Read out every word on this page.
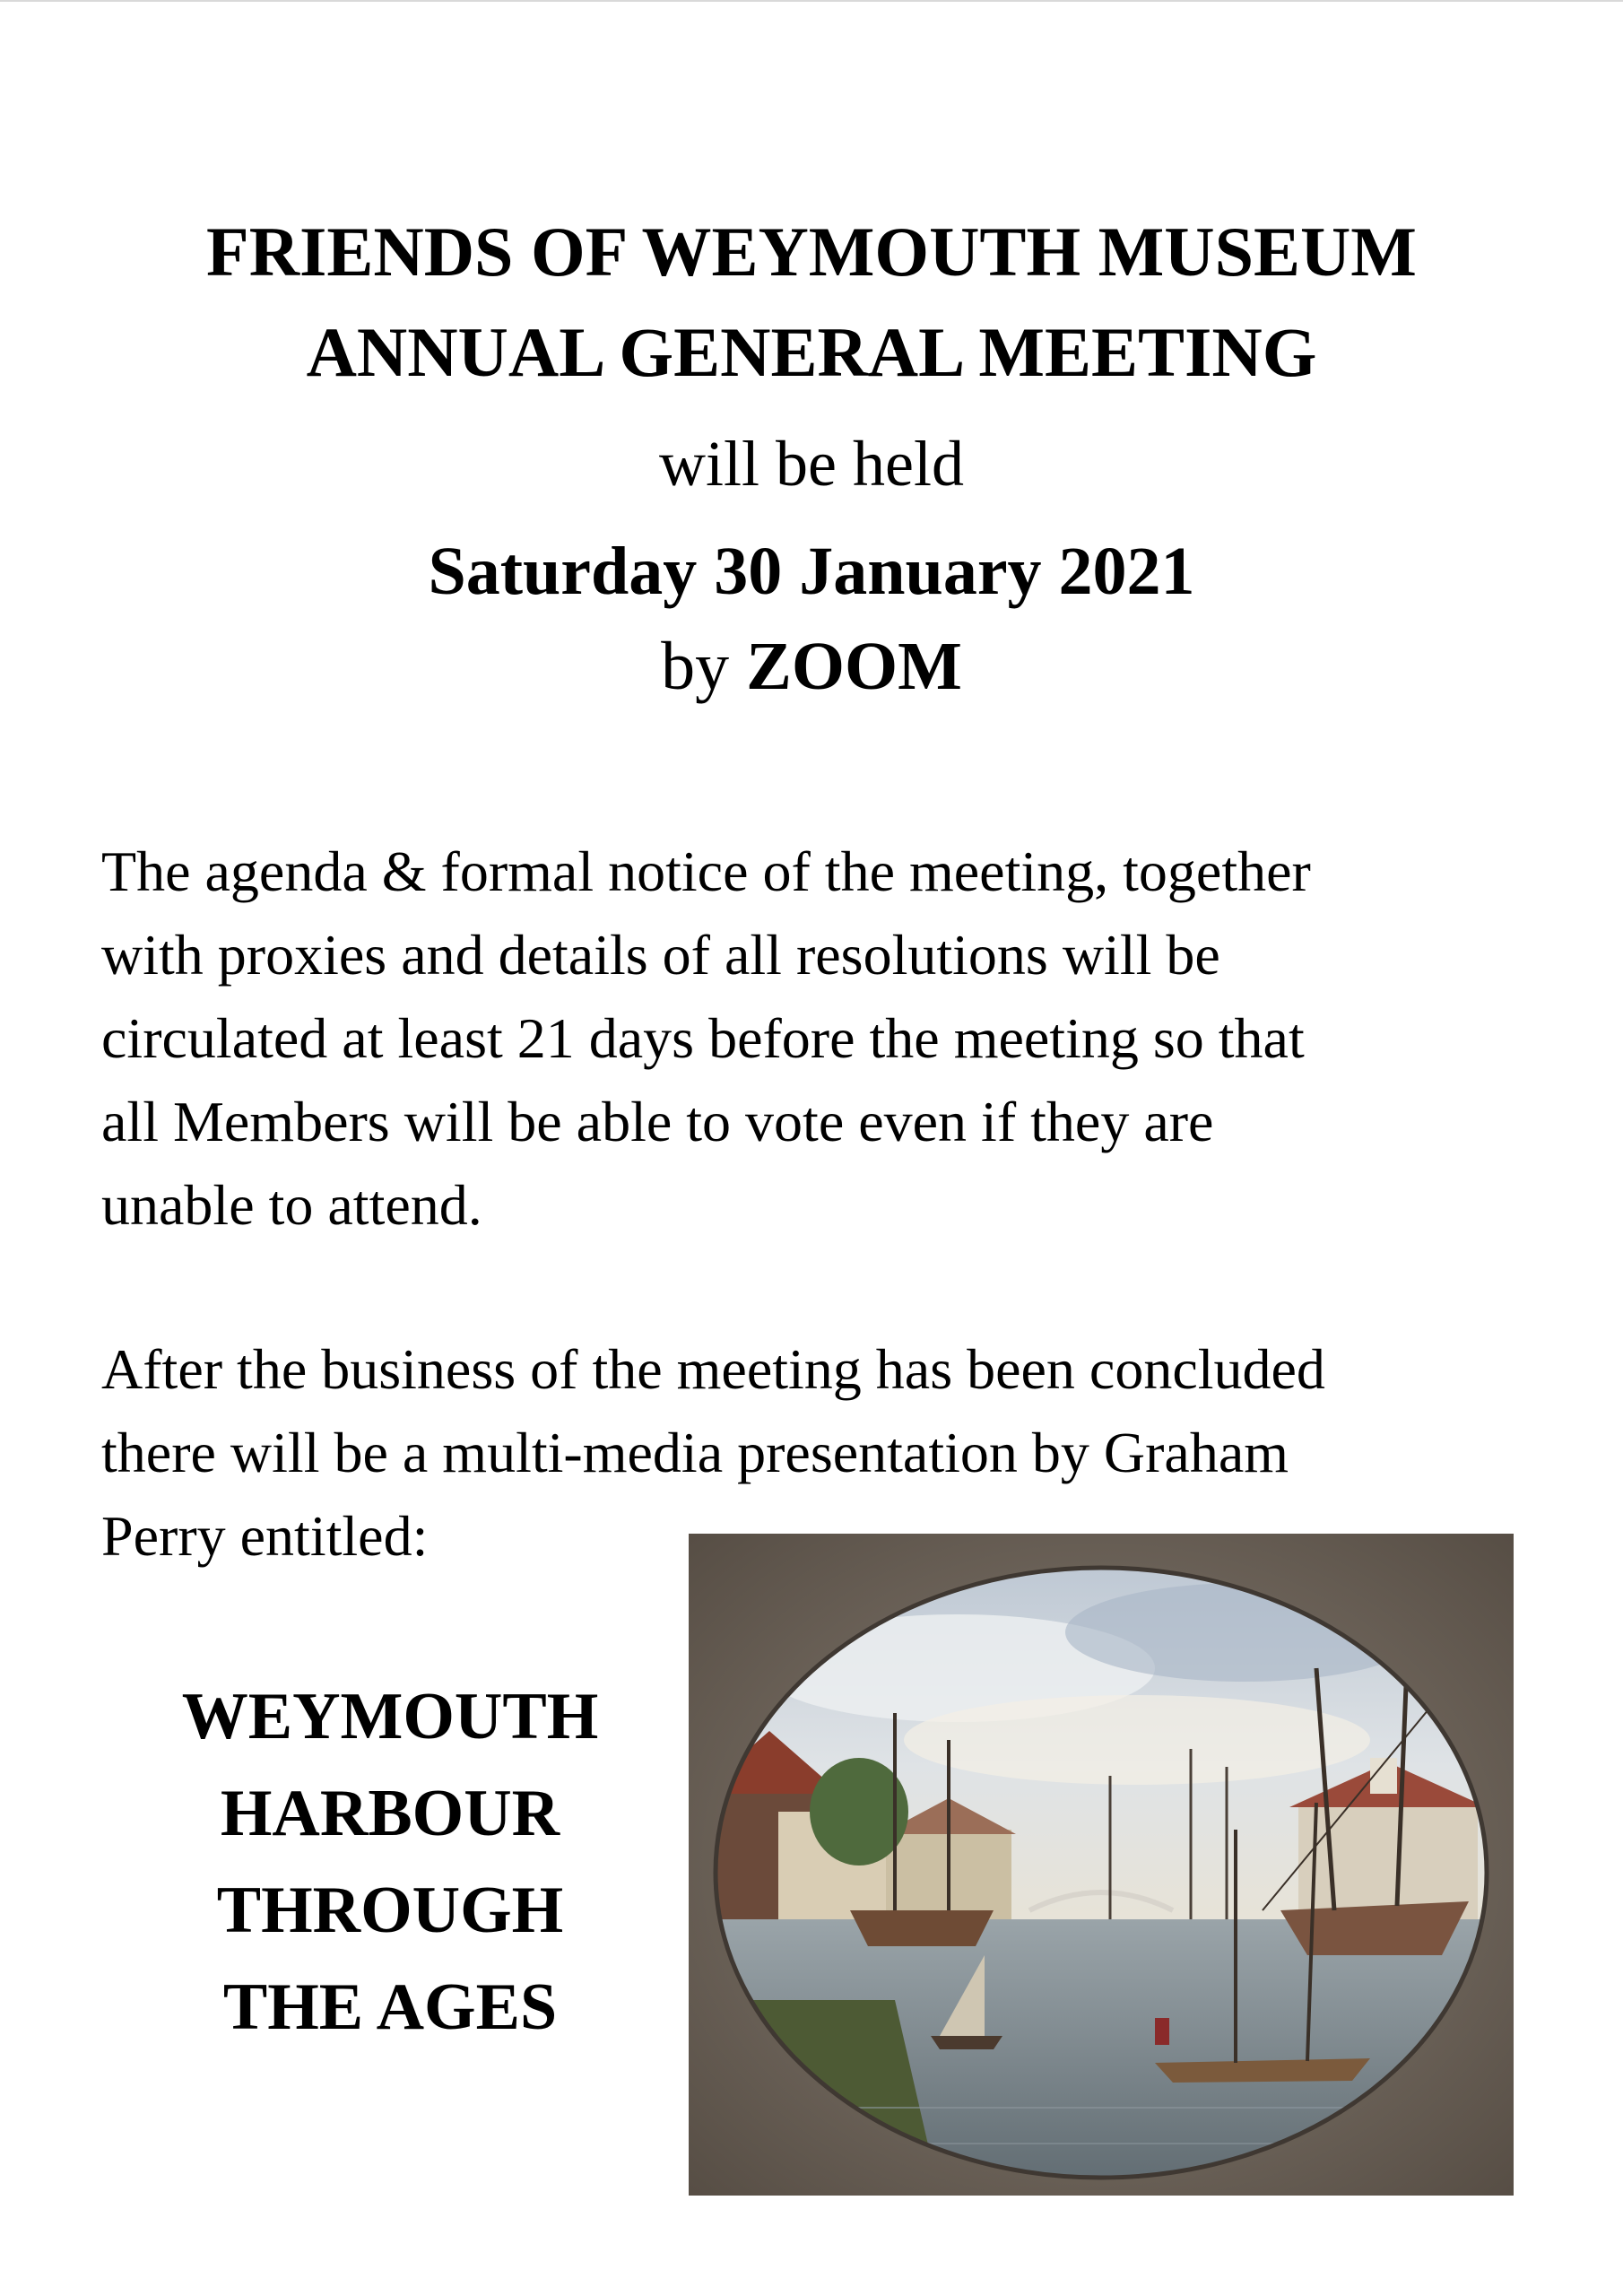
FRIENDS OF WEYMOUTH MUSEUM
ANNUAL GENERAL MEETING
will be held
Saturday 30 January 2021
by ZOOM
The agenda & formal notice of the meeting, together
with proxies and details of all resolutions will be
circulated at least 21 days before the meeting so that
all Members will be able to vote even if they are
unable to attend.
After the business of the meeting has been concluded
there will be a multi-media presentation by Graham
Perry entitled:
WEYMOUTH
HARBOUR
THROUGH
THE AGES
